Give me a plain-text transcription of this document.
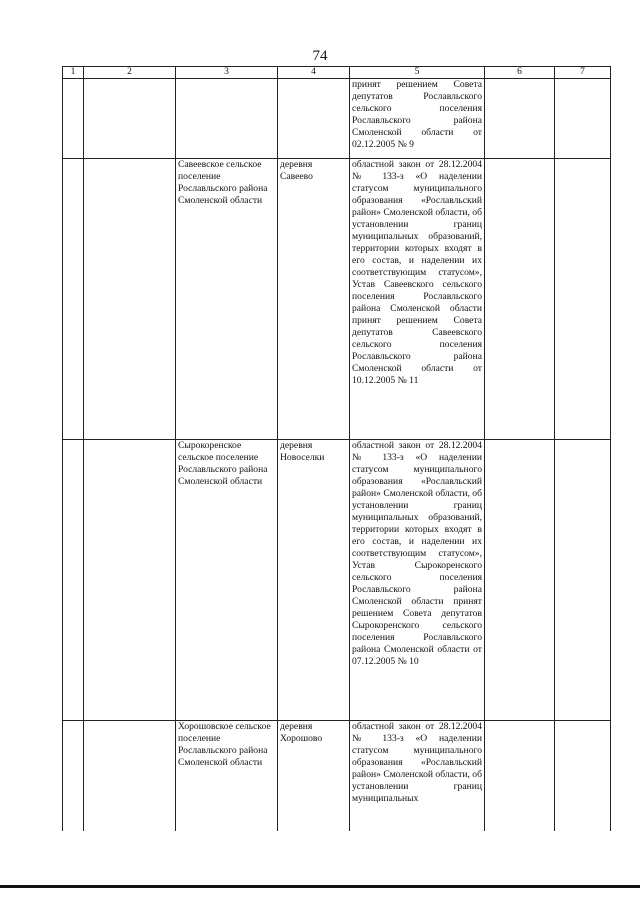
74
1	2	3	4	5	6	7
				принят решением Совета депутатов Рославльского сельского поселения Рославльского района Смоленской области от 02.12.2005 № 9		
		Савеевское сельское поселение Рославльского района Смоленской области	деревня Савеево	областной закон от 28.12.2004 № 133-з «О наделении статусом муниципального образования «Рославльский район» Смоленской области, об установлении границ муниципальных образований, территории которых входят в его состав, и наделении их соответствующим статусом», Устав Савеевского сельского поселения Рославльского района Смоленской области принят решением Совета депутатов Савеевского сельского поселения Рославльского района Смоленской области от 10.12.2005 № 11		
		Сырокоренское сельское поселение Рославльского района Смоленской области	деревня Новоселки	областной закон от 28.12.2004 № 133-з «О наделении статусом муниципального образования «Рославльский район» Смоленской области, об установлении границ муниципальных образований, территории которых входят в его состав, и наделении их соответствующим статусом», Устав Сырокоренского сельского поселения Рославльского района Смоленской области принят решением Совета депутатов Сырокоренского сельского поселения Рославльского района Смоленской области от 07.12.2005 № 10		
		Хорошовское сельское поселение Рославльского района Смоленской области	деревня Хорошово	областной закон от 28.12.2004 № 133-з «О наделении статусом муниципального образования «Рославльский район» Смоленской области, об установлении границ муниципальных		
